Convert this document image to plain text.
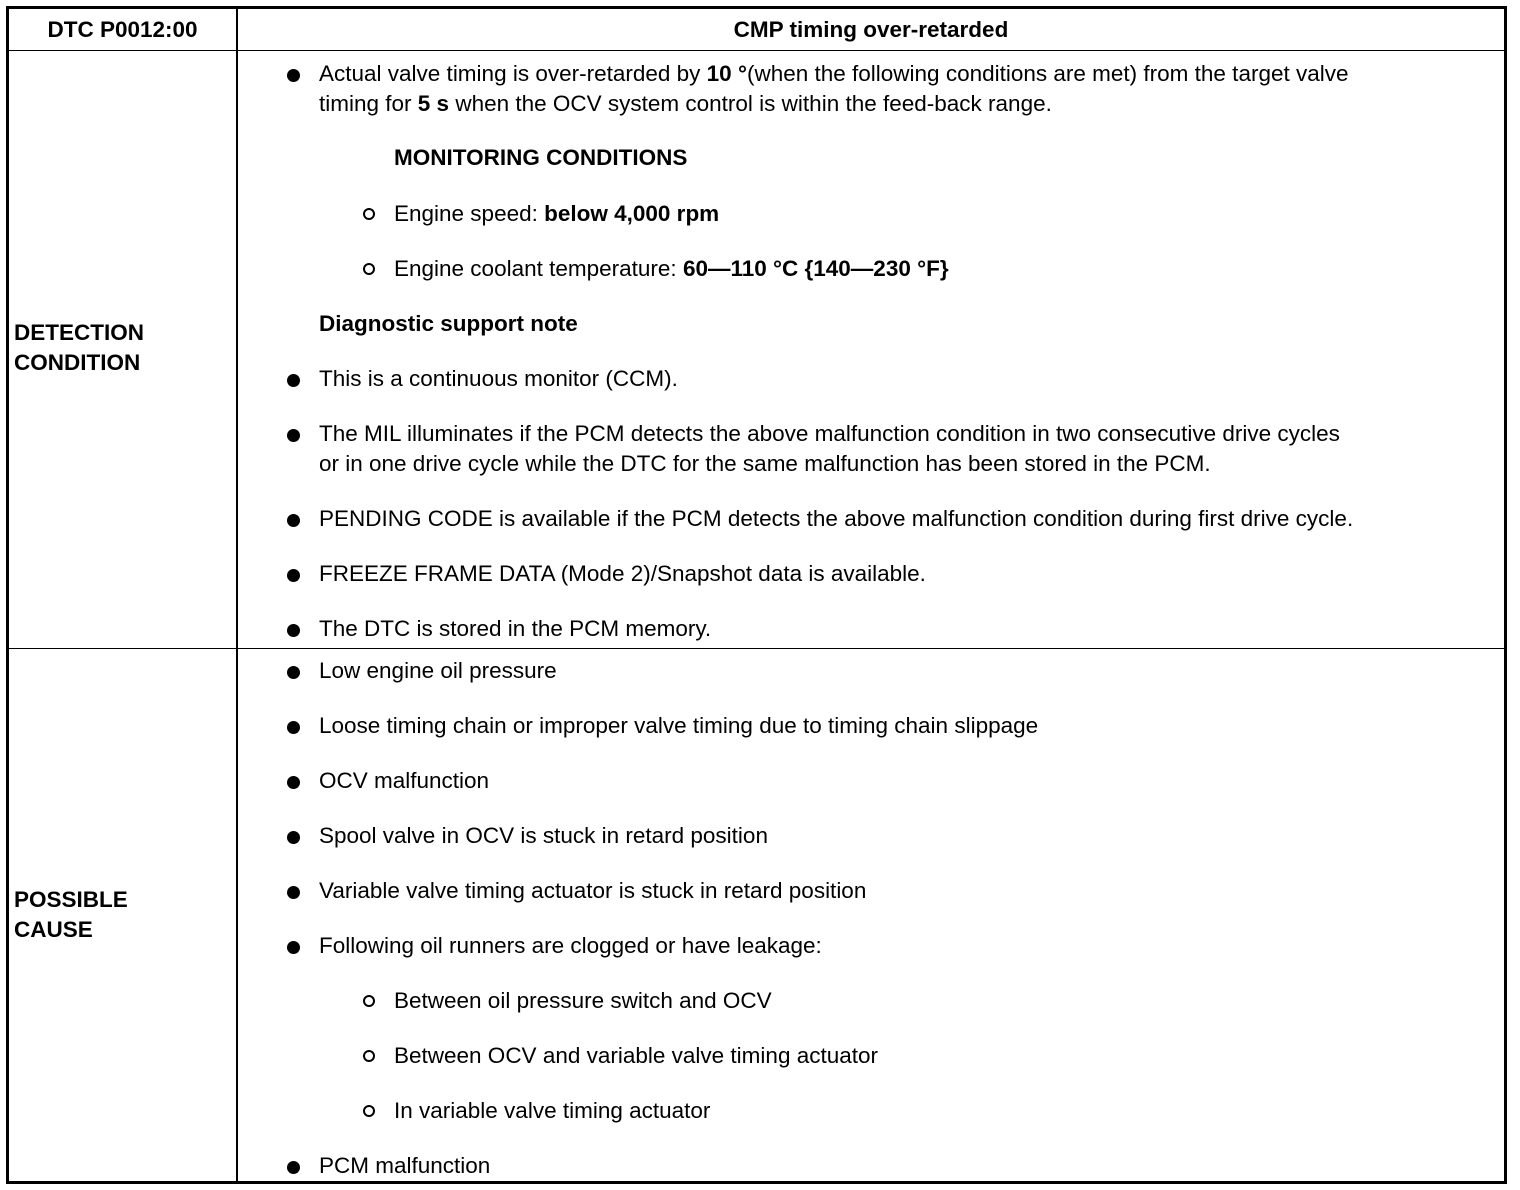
DTC P0012:00	CMP timing over-retarded
DETECTION
CONDITION
Actual valve timing is over-retarded by 10 °(when the following conditions are met) from the target valve
timing for 5 s when the OCV system control is within the feed-back range.
MONITORING CONDITIONS
Engine speed: below 4,000 rpm
Engine coolant temperature: 60—110 °C {140—230 °F}
Diagnostic support note
This is a continuous monitor (CCM).
The MIL illuminates if the PCM detects the above malfunction condition in two consecutive drive cycles
or in one drive cycle while the DTC for the same malfunction has been stored in the PCM.
PENDING CODE is available if the PCM detects the above malfunction condition during first drive cycle.
FREEZE FRAME DATA (Mode 2)/Snapshot data is available.
The DTC is stored in the PCM memory.
POSSIBLE
CAUSE
Low engine oil pressure
Loose timing chain or improper valve timing due to timing chain slippage
OCV malfunction
Spool valve in OCV is stuck in retard position
Variable valve timing actuator is stuck in retard position
Following oil runners are clogged or have leakage:
Between oil pressure switch and OCV
Between OCV and variable valve timing actuator
In variable valve timing actuator
PCM malfunction
